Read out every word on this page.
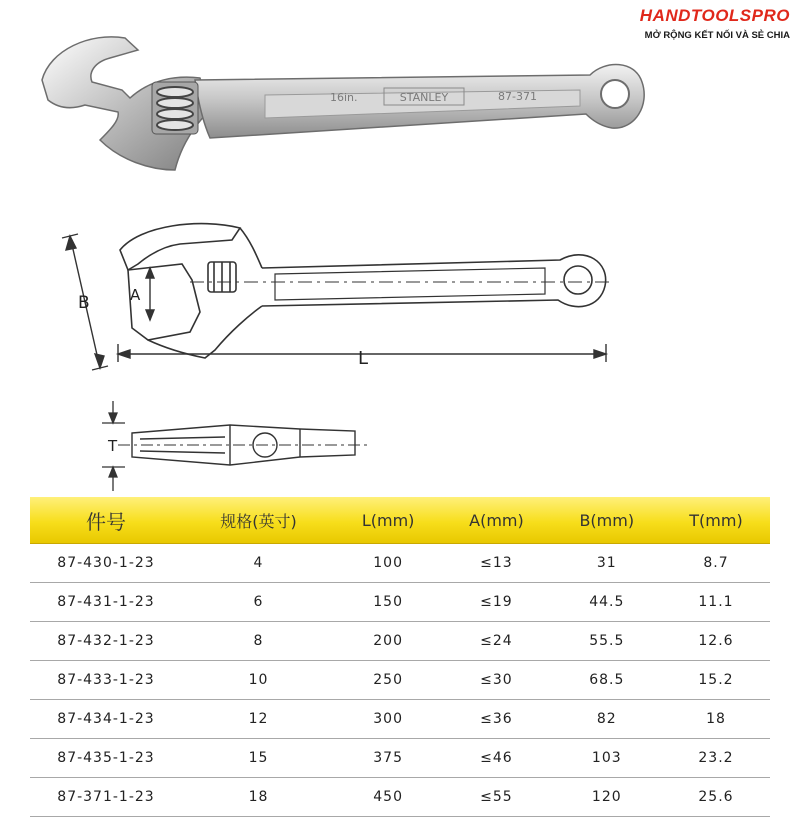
HANDTOOLSPRO
MỞ RỘNG KẾT NỐI VÀ SẺ CHIA
16in.	STANLEY	87-371
B	A
L
T
件号	规格(英寸)	L(mm)	A(mm)	B(mm)	T(mm)
87-430-1-23	4	100	≤13	31	8.7
87-431-1-23	6	150	≤19	44.5	11.1
87-432-1-23	8	200	≤24	55.5	12.6
87-433-1-23	10	250	≤30	68.5	15.2
87-434-1-23	12	300	≤36	82	18
87-435-1-23	15	375	≤46	103	23.2
87-371-1-23	18	450	≤55	120	25.6
